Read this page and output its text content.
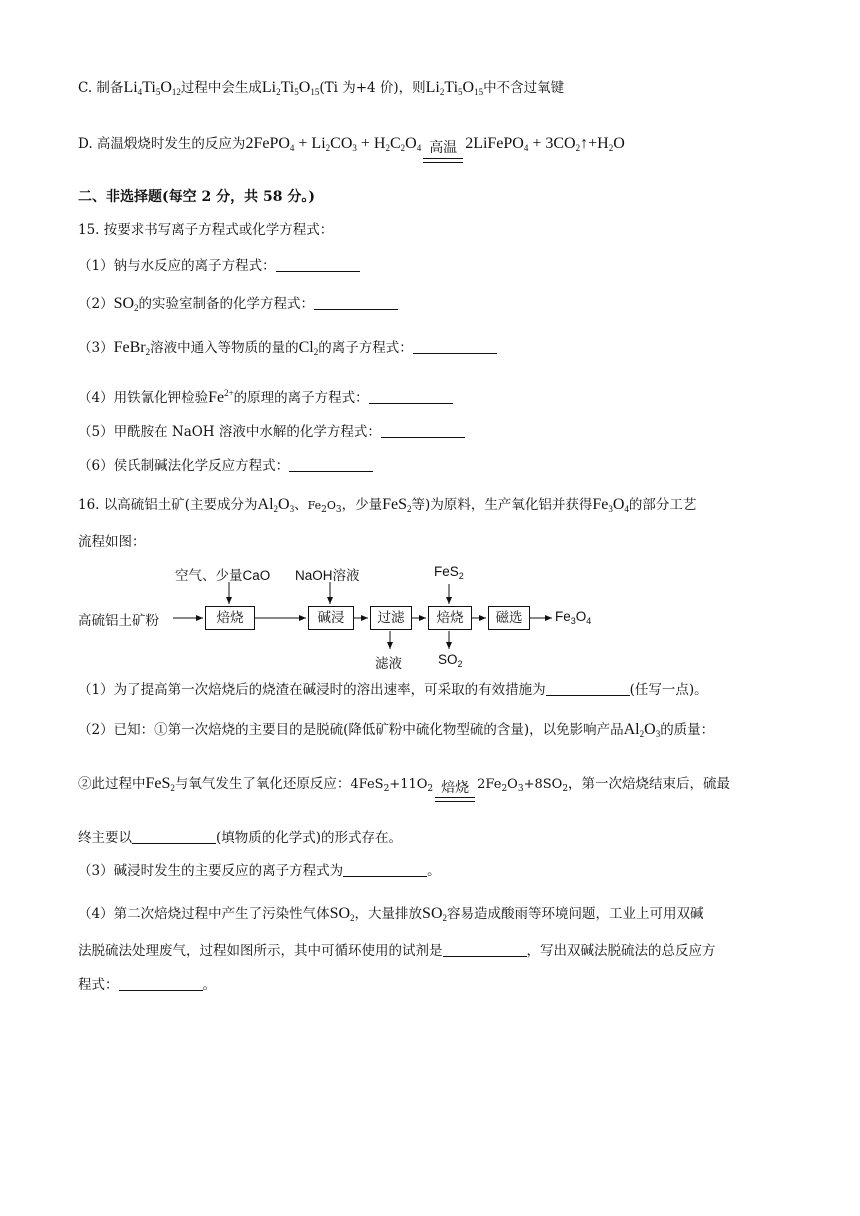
C. 制备$Li_4Ti_5O_{12}$过程中会生成$Li_2Ti_5O_{15}(Ti$ 为+4 价)，则$Li_2Ti_5O_{15}$中不含过氧键
D. 高温煅烧时发生的反应为2FePO$_4$ + $Li_2CO_3 + H_2C_2O_4$ 高温 2LiFePO$_4$ + $3CO_2↑+H_2O$
二、非选择题(每空 2 分，共 58 分。)
15. 按要求书写离子方程式或化学方程式：
（1）钠与水反应的离子方程式：
$(2)SO_2$的实验室制备的化学方程式：
（3）FeBr$_2$溶液中通入等物质的量的$Cl_2$的离子方程式：
（4）用铁氰化钾检验$Fe^{2+}$的原理的离子方程式：
（5）甲酰胺在 NaOH 溶液中水解的化学方程式：
（6）侯氏制碱法化学反应方程式：
16. 以高硫铝土矿(主要成分为$Al_2O_3$、$Fe_2O_3$，少量FeS$_2$等)为原料，生产氧化铝并获得$Fe_3O_4$的部分工艺
流程如图：
高硫铝土矿粉
空气、少量CaO NaOH溶液	FeS$_2$
焙烧	碱浸	过滤	焙烧	磁选	$Fe_3O_4$
滤液	$SO_2$
（1）为了提高第一次焙烧后的烧渣在碱浸时的溶出速率，可采取的有效措施为	(任写一点)。
（2）已知：①第一次焙烧的主要目的是脱硫(降低矿粉中硫化物型硫的含量)，以免影响产品$Al_2O_3$的质量：
②此过程中FeS$_2$与氧气发生了氧化还原反应：$4FeS_2+11O_2$ 焙烧 $2Fe_2O_3+8SO_2$，第一次焙烧结束后，硫最
终主要以	(填物质的化学式)的形式存在。
（3）碱浸时发生的主要反应的离子方程式为	。
（4）第二次焙烧过程中产生了污染性气体$SO_2$，大量排放$SO_2$容易造成酸雨等环境问题，工业上可用双碱
法脱硫法处理废气，过程如图所示，其中可循环使用的试剂是	，写出双碱法脱硫法的总反应方
程式：	。
